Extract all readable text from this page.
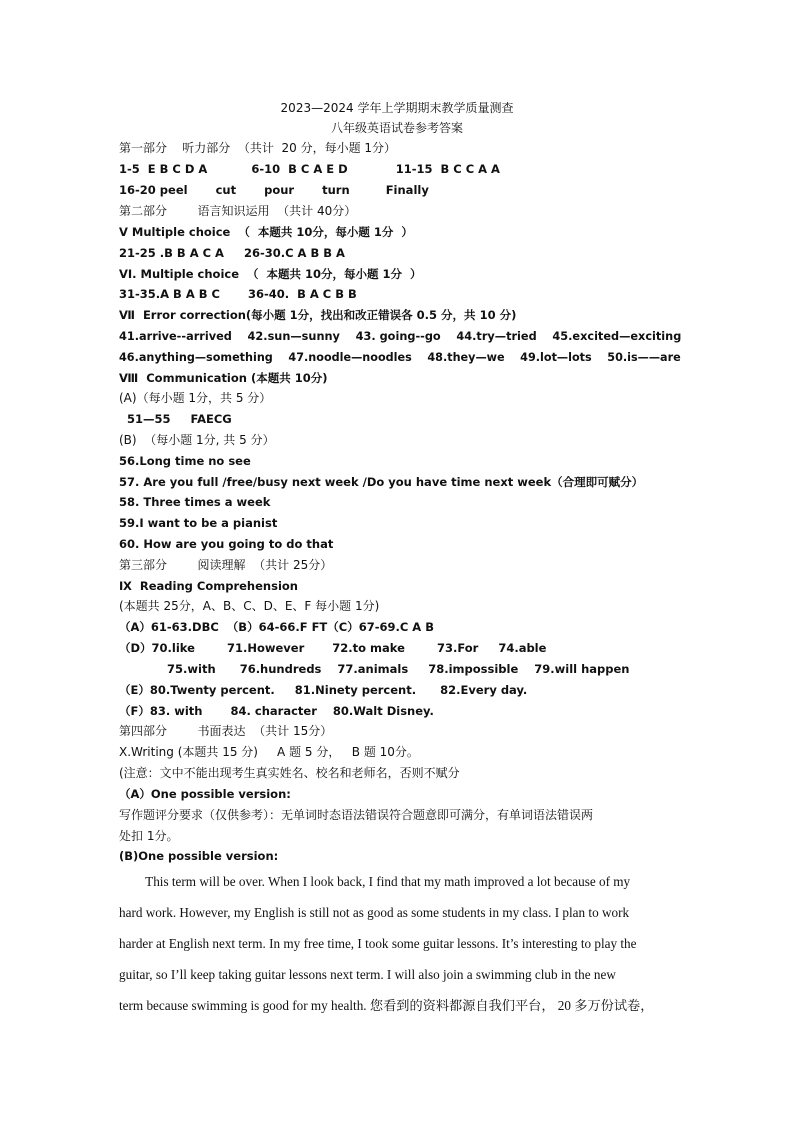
2023—2024 学年上学期期末教学质量测查
八年级英语试卷参考答案
第一部分    听力部分  （共计  20 分，每小题 1分）
1-5  E B C D A           6-10  B C A E D            11-15  B C C A A
16-20 peel       cut       pour       turn         Finally
第二部分        语言知识运用  （共计 40分）
V Multiple choice  （  本题共 10分，每小题 1分  ）
21-25 .B B A C A     26-30.C A B B A
VI. Multiple choice  （  本题共 10分，每小题 1分  ）
31-35.A B A B C       36-40.  B A C B B
Ⅶ  Error correction(每小题 1分，找出和改正错误各 0.5 分，共 10 分)
41.arrive--arrived    42.sun—sunny    43. going--go    44.try—tried    45.excited—exciting
46.anything—something    47.noodle—noodles    48.they—we    49.lot—lots    50.is——are
Ⅷ  Communication (本题共 10分)
(A)（每小题 1分，共 5 分）
51—55     FAECG
(B)  （每小题 1分, 共 5 分）
56.Long time no see
57. Are you full /free/busy next week /Do you have time next week（合理即可赋分）
58. Three times a week
59.I want to be a pianist
60. How are you going to do that
第三部分        阅读理解  （共计 25分）
Ⅸ  Reading Comprehension
(本题共 25分，A、B、C、D、E、F 每小题 1分)
（A）61-63.DBC  （B）64-66.F FT（C）67-69.C A B
（D）70.like        71.However       72.to make        73.For     74.able
75.with      76.hundreds    77.animals     78.impossible    79.will happen
（E）80.Twenty percent.     81.Ninety percent.      82.Every day.
（F）83. with       84. character    80.Walt Disney.
第四部分        书面表达  （共计 15分）
Ⅹ.Writing (本题共 15 分)     A 题 5 分，   B 题 10分。
(注意：文中不能出现考生真实姓名、校名和老师名，否则不赋分
（A）One possible version:
写作题评分要求（仅供参考）：无单词时态语法错误符合题意即可满分，有单词语法错误两
处扣 1分。
(B)One possible version:

This term will be over. When I look back, I find that my math improved a lot because of my

hard work. However, my English is still not as good as some students in my class. I plan to work

harder at English next term. In my free time, I took some guitar lessons. It’s interesting to play the

guitar, so I’ll keep taking guitar lessons next term. I will also join a swimming club in the new

term because swimming is good for my health. 您看到的资料都源自我们平台， 20 多万份试卷，
